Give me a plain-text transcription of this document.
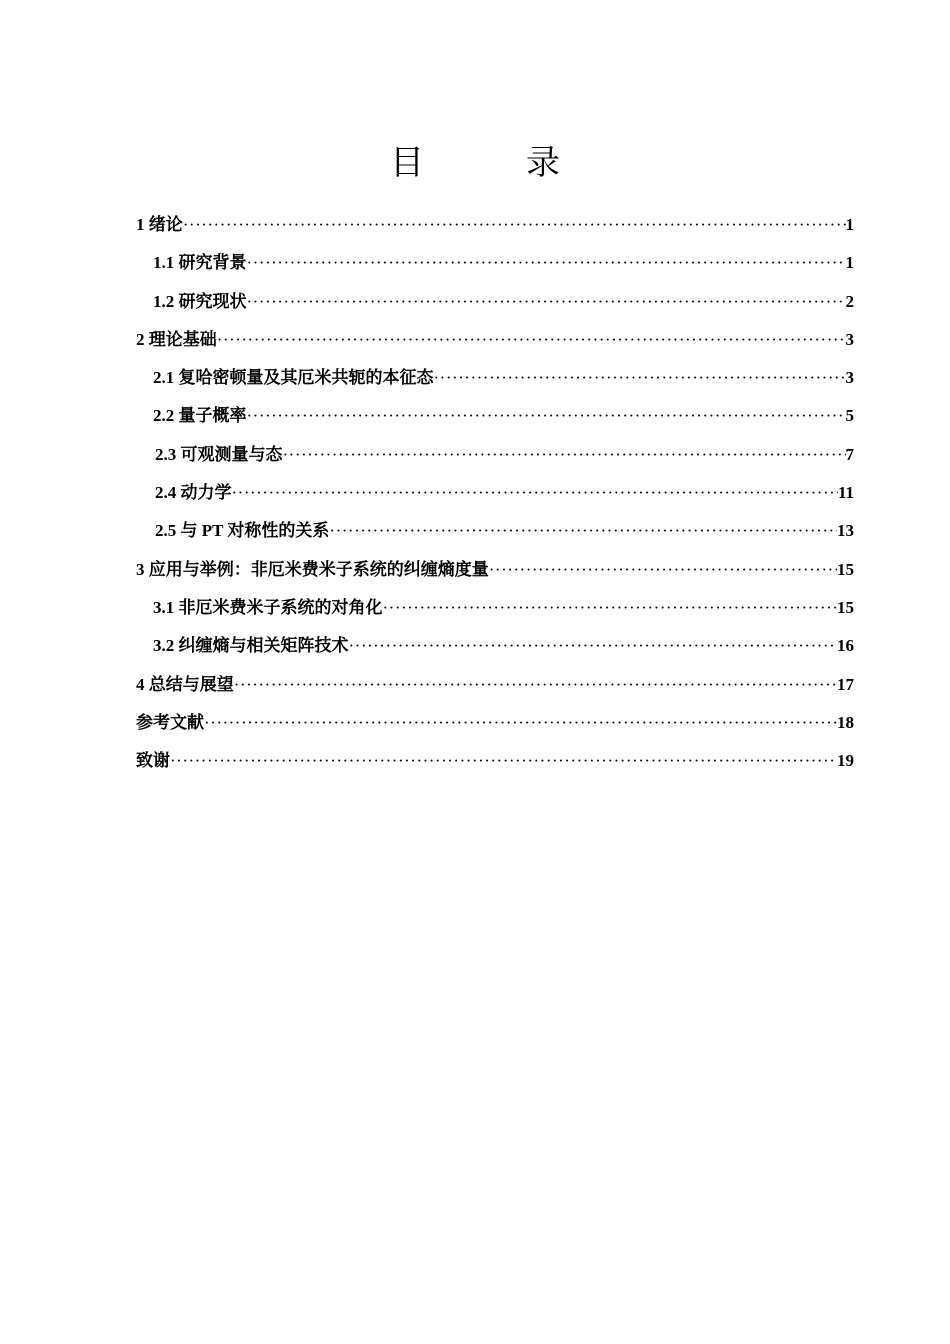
目　录
1 绪论 ·····	1
1.1 研究背景 ·····	1
1.2 研究现状 ·····	2
2 理论基础 ·····	3
2.1 复哈密顿量及其厄米共轭的本征态 ·····	3
2.2 量子概率 ·····	5
2.3 可观测量与态 ·····	7
2.4 动力学 ·····	11
2.5 与 PT 对称性的关系 ·····	13
3 应用与举例：非厄米费米子系统的纠缠熵度量 ·····	15
3.1 非厄米费米子系统的对角化 ·····	15
3.2 纠缠熵与相关矩阵技术 ·····	16
4 总结与展望 ·····	17
参考文献 ·····	18
致谢 ·····	19
